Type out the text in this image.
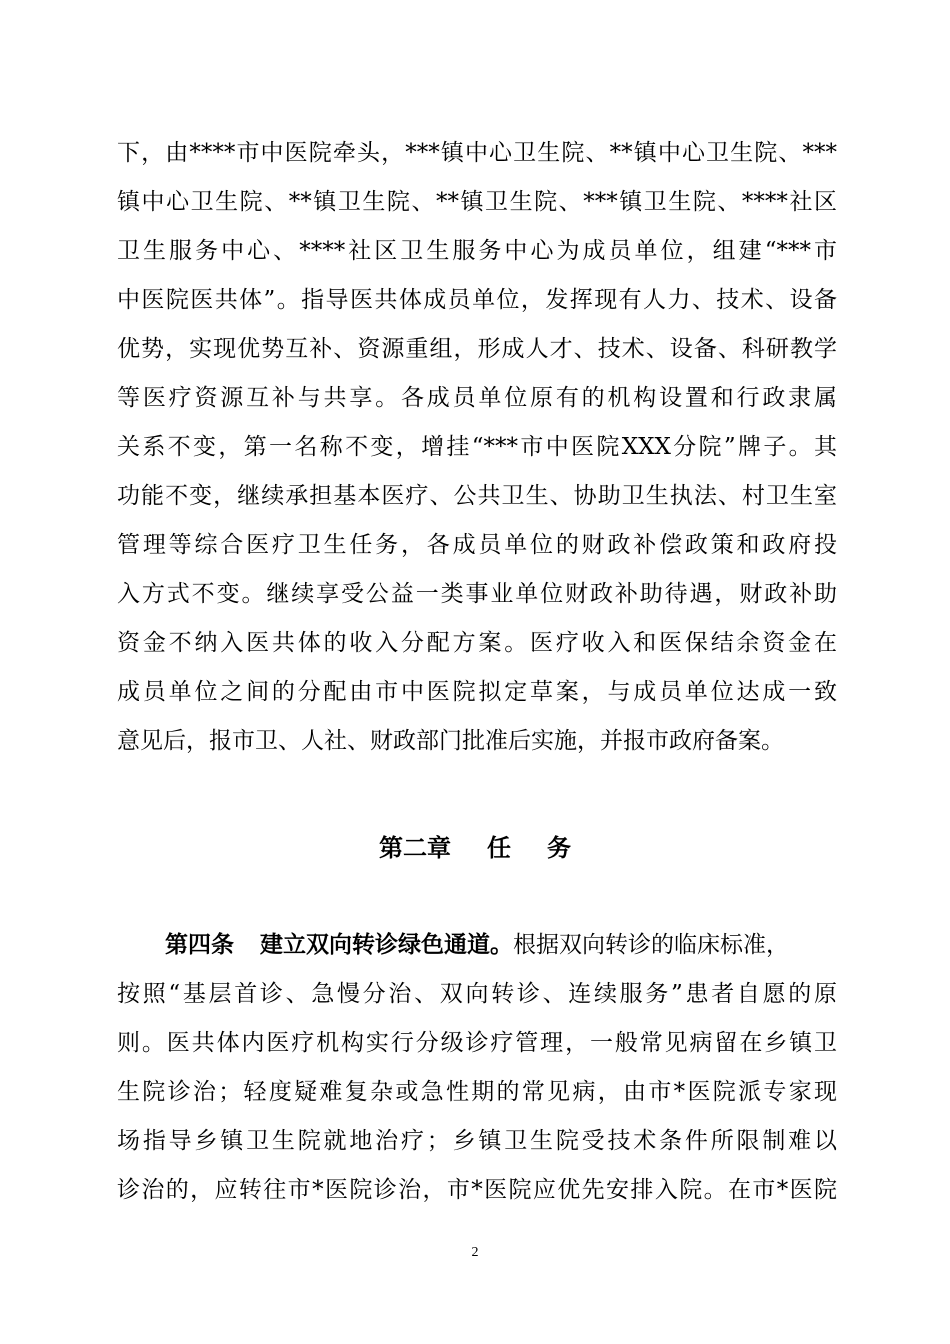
下，由****市中医院牵头，***镇中心卫生院、**镇中心卫生院、***
镇中心卫生院、**镇卫生院、**镇卫生院、***镇卫生院、****社区
卫生服务中心、****社区卫生服务中心为成员单位，组建“***市
中医院医共体”。指导医共体成员单位，发挥现有人力、技术、设备
优势，实现优势互补、资源重组，形成人才、技术、设备、科研教学
等医疗资源互补与共享。各成员单位原有的机构设置和行政隶属
关系不变，第一名称不变，增挂“***市中医院XXX分院”牌子。其
功能不变，继续承担基本医疗、公共卫生、协助卫生执法、村卫生室
管理等综合医疗卫生任务，各成员单位的财政补偿政策和政府投
入方式不变。继续享受公益一类事业单位财政补助待遇，财政补助
资金不纳入医共体的收入分配方案。医疗收入和医保结余资金在
成员单位之间的分配由市中医院拟定草案，与成员单位达成一致
意见后，报市卫、人社、财政部门批准后实施，并报市政府备案。
第二章 任 务
第四条 建立双向转诊绿色通道。根据双向转诊的临床标准，
按照“基层首诊、急慢分治、双向转诊、连续服务”患者自愿的原
则。医共体内医疗机构实行分级诊疗管理，一般常见病留在乡镇卫
生院诊治；轻度疑难复杂或急性期的常见病，由市*医院派专家现
场指导乡镇卫生院就地治疗；乡镇卫生院受技术条件所限制难以
诊治的，应转往市*医院诊治，市*医院应优先安排入院。在市*医院
2
